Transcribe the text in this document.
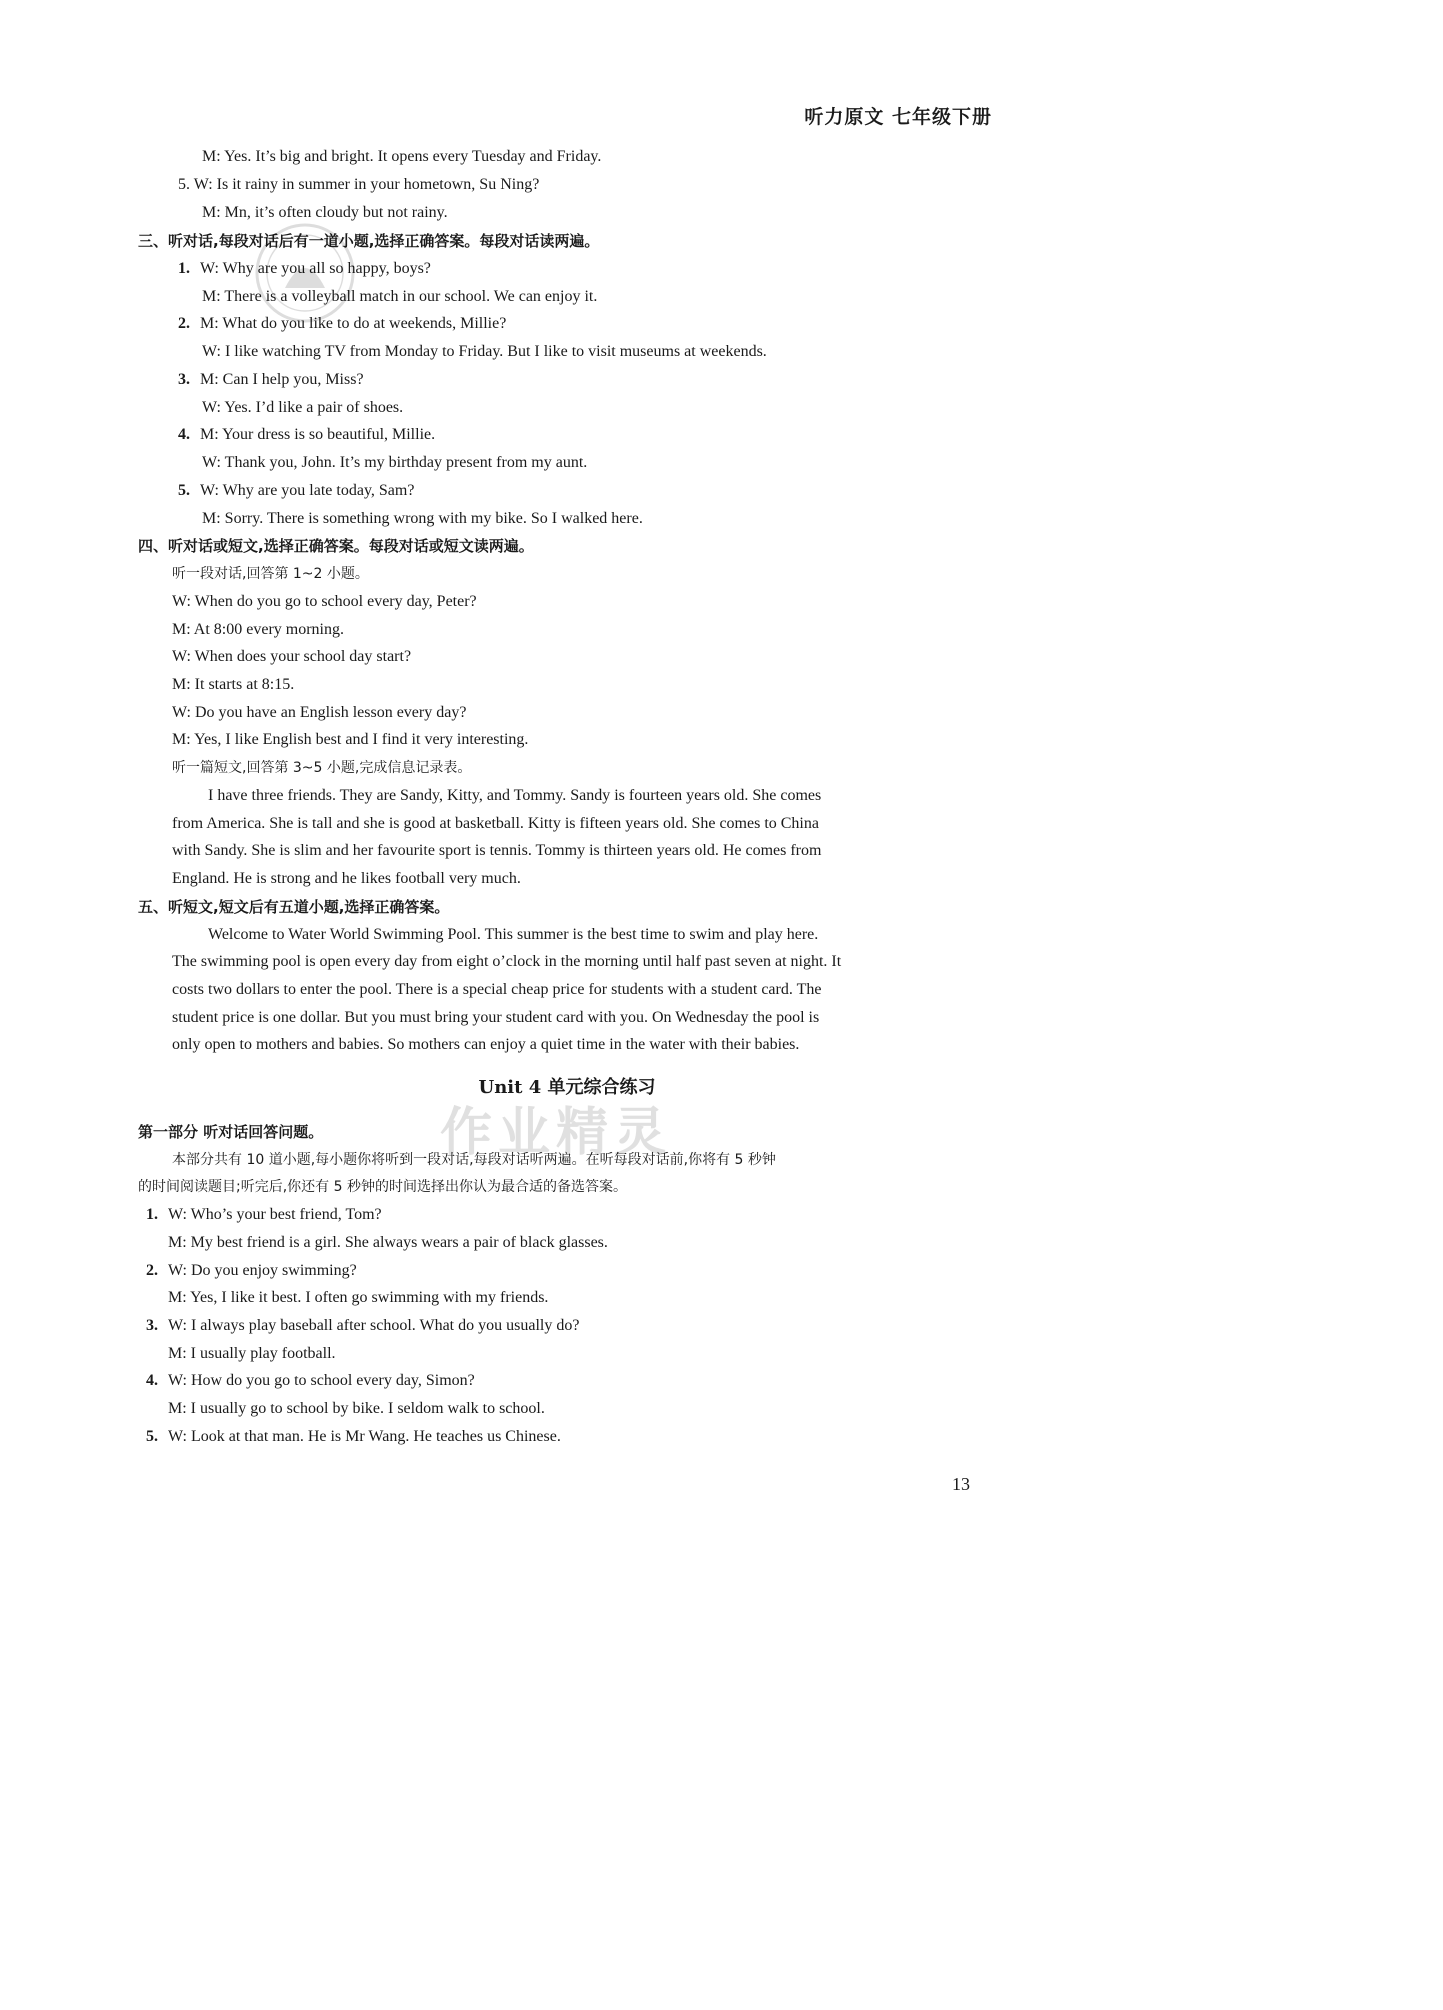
听力原文 七年级下册
M: Yes. It’s big and bright. It opens every Tuesday and Friday.
5. W: Is it rainy in summer in your hometown, Su Ning?
M: Mn, it’s often cloudy but not rainy.
三、听对话,每段对话后有一道小题,选择正确答案。每段对话读两遍。
1. W: Why are you all so happy, boys?
M: There is a volleyball match in our school. We can enjoy it.
2. M: What do you like to do at weekends, Millie?
W: I like watching TV from Monday to Friday. But I like to visit museums at weekends.
3. M: Can I help you, Miss?
W: Yes. I’d like a pair of shoes.
4. M: Your dress is so beautiful, Millie.
W: Thank you, John. It’s my birthday present from my aunt.
5. W: Why are you late today, Sam?
M: Sorry. There is something wrong with my bike. So I walked here.
四、听对话或短文,选择正确答案。每段对话或短文读两遍。
听一段对话,回答第 1~2 小题。
W: When do you go to school every day, Peter?
M: At 8:00 every morning.
W: When does your school day start?
M: It starts at 8:15.
W: Do you have an English lesson every day?
M: Yes, I like English best and I find it very interesting.
听一篇短文,回答第 3~5 小题,完成信息记录表。
I have three friends. They are Sandy, Kitty, and Tommy. Sandy is fourteen years old. She comes
from America. She is tall and she is good at basketball. Kitty is fifteen years old. She comes to China
with Sandy. She is slim and her favourite sport is tennis. Tommy is thirteen years old. He comes from
England. He is strong and he likes football very much.
五、听短文,短文后有五道小题,选择正确答案。
Welcome to Water World Swimming Pool. This summer is the best time to swim and play here.
The swimming pool is open every day from eight o’clock in the morning until half past seven at night. It
costs two dollars to enter the pool. There is a special cheap price for students with a student card. The
student price is one dollar. But you must bring your student card with you. On Wednesday the pool is
only open to mothers and babies. So mothers can enjoy a quiet time in the water with their babies.
Unit 4 单元综合练习
第一部分 听对话回答问题。
本部分共有 10 道小题,每小题你将听到一段对话,每段对话听两遍。在听每段对话前,你将有 5 秒钟
的时间阅读题目;听完后,你还有 5 秒钟的时间选择出你认为最合适的备选答案。
1. W: Who’s your best friend, Tom?
M: My best friend is a girl. She always wears a pair of black glasses.
2. W: Do you enjoy swimming?
M: Yes, I like it best. I often go swimming with my friends.
3. W: I always play baseball after school. What do you usually do?
M: I usually play football.
4. W: How do you go to school every day, Simon?
M: I usually go to school by bike. I seldom walk to school.
5. W: Look at that man. He is Mr Wang. He teaches us Chinese.
13
作业精灵
